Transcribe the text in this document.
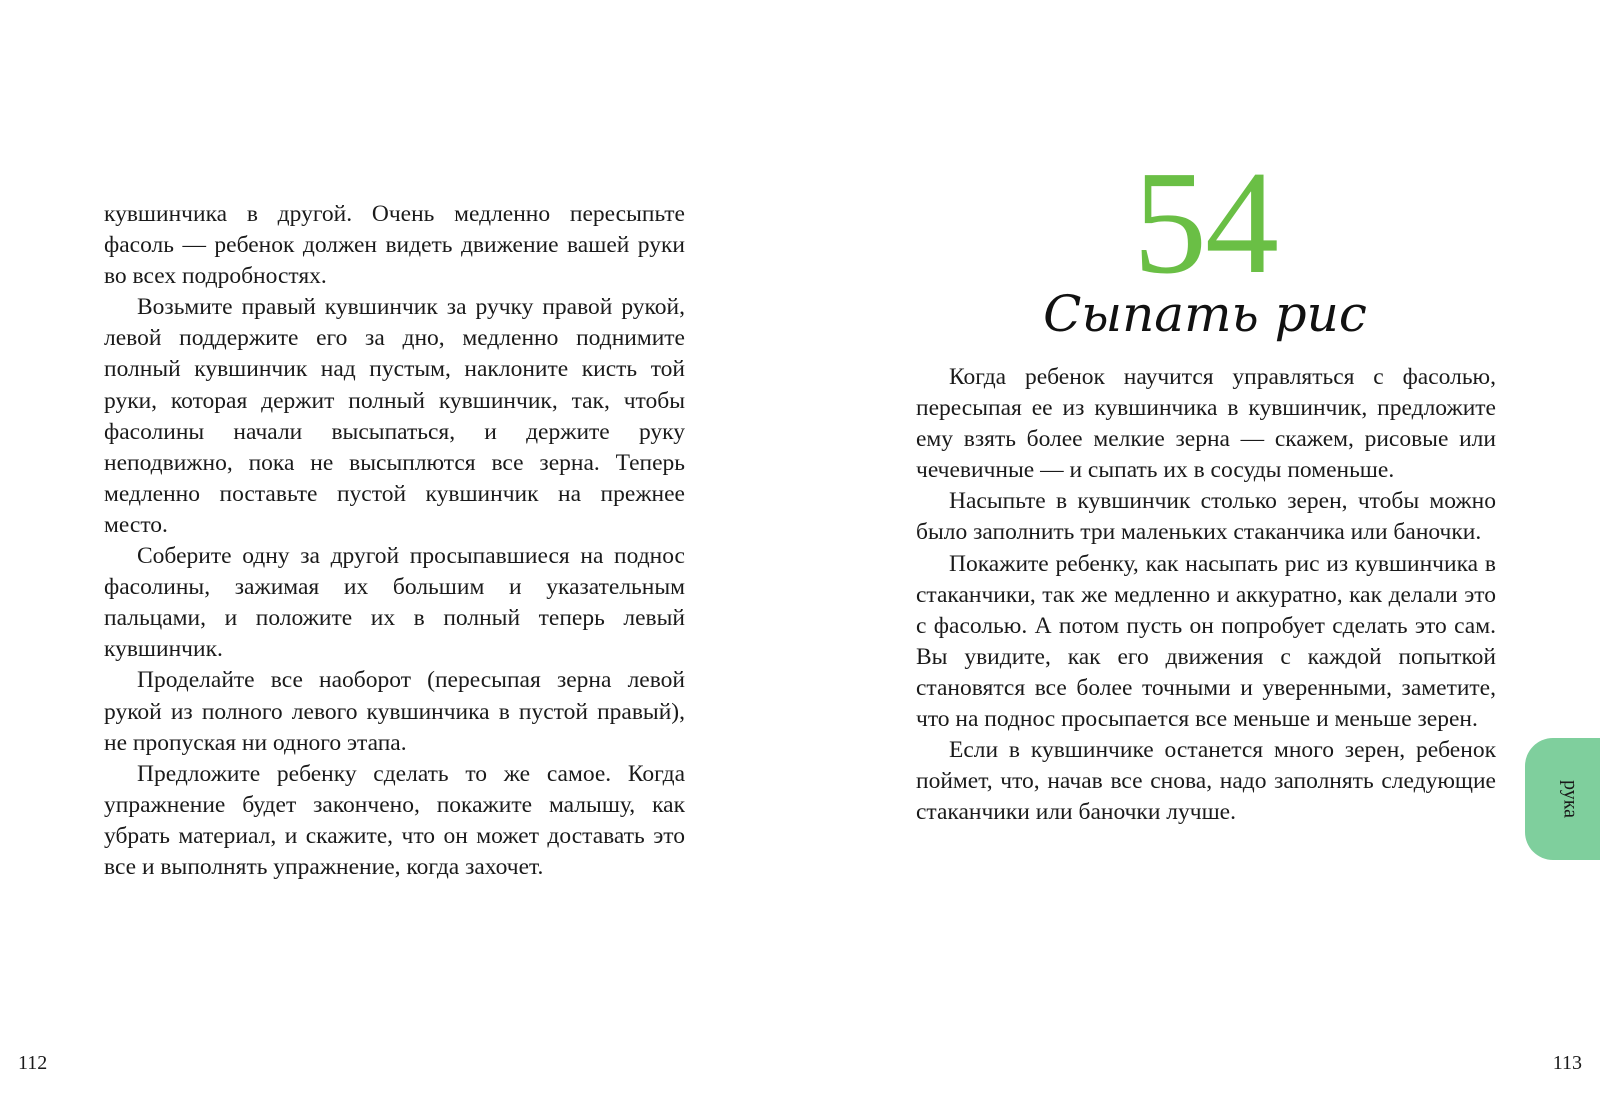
кувшинчика в другой. Очень медленно пересыпьте фасоль — ребенок должен видеть движение вашей руки во всех подробностях.

Возьмите правый кувшинчик за ручку правой рукой, левой поддержите его за дно, медленно поднимите полный кувшинчик над пустым, наклоните кисть той руки, которая держит полный кувшинчик, так, чтобы фасолины начали высыпаться, и держите руку неподвижно, пока не высыплются все зерна. Теперь медленно поставьте пустой кувшинчик на прежнее место.

Соберите одну за другой просыпавшиеся на поднос фасолины, зажимая их большим и указательным пальцами, и положите их в полный теперь левый кувшинчик.

Проделайте все наоборот (пересыпая зерна левой рукой из полного левого кувшинчика в пустой правый), не пропуская ни одного этапа.

Предложите ребенку сделать то же самое. Когда упражнение будет закончено, покажите малышу, как убрать материал, и скажите, что он может доставать это все и выполнять упражнение, когда захочет.

112
54
Сыпать рис

Когда ребенок научится управляться с фасолью, пересыпая ее из кувшинчика в кувшинчик, предложите ему взять более мелкие зерна — скажем, рисовые или чечевичные — и сыпать их в сосуды поменьше.

Насыпьте в кувшинчик столько зерен, чтобы можно было заполнить три маленьких стаканчика или баночки.

Покажите ребенку, как насыпать рис из кувшинчика в стаканчики, так же медленно и аккуратно, как делали это с фасолью. А потом пусть он попробует сделать это сам. Вы увидите, как его движения с каждой попыткой становятся все более точными и уверенными, заметите, что на поднос просыпается все меньше и меньше зерен.

Если в кувшинчике останется много зерен, ребенок поймет, что, начав все снова, надо заполнять следующие стаканчики или баночки лучше.	рука
113
